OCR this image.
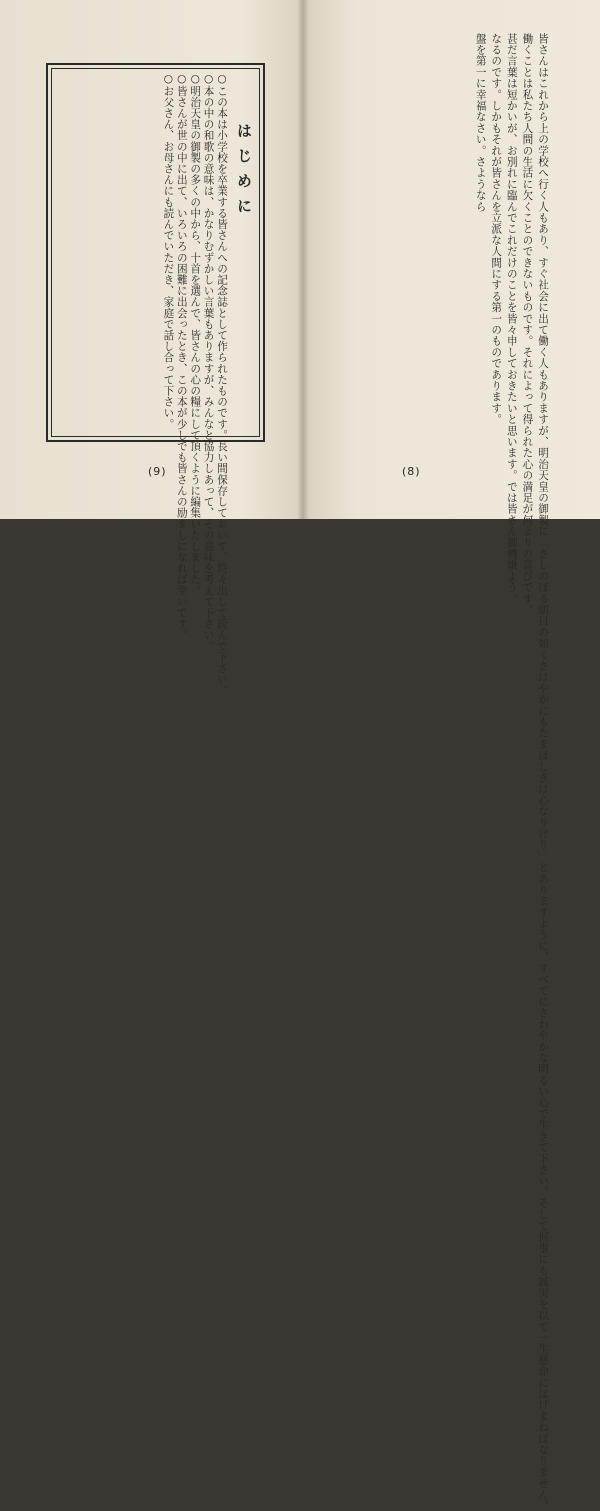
はじめに

○この本は小学校を卒業する皆さんへの記念誌として作られたものです。長い間保存しておいて、時々出して読んで下さい。

○本の中の和歌の意味は、かなりむずかしい言葉もありますが、みんなと協力しあって、その意味を考えて下さい。

○明治天皇の御製の多くの中から、十首を選んで、皆さんの心の糧にして頂くように編集いたしました。

○皆さんが世の中に出て、いろいろの困難に出会ったとき、この本が少しでも皆さんの励ましになれば幸いです。

○お父さん、お母さんにも読んでいただき、家庭で話し合って下さい。

(9)	皆さんはこれから上の学校へ行く人もあり、すぐ社会に出て働く人もありますが、明治天皇の御製に「さしのぼる朝日の如くさはやかにもたまほしきは心なりけり」とありますように、すべてにさわやかな明るい心で生きて下さい。そして何事にも誠実を以て一生懸命にはげまねばなりません。

働くことは私たち人間の生活に欠くことのできないものです。それによって得られた心の満足が何よりの喜びです。

甚だ言葉は短かいが、お別れに臨んでこれだけのことを皆々申しておきたいと思います。では皆さん御機嫌よう。

なるのです。しかもそれが皆さんを立派な人間にする第一のものであります。

盤を第一に幸福なさい。さようなら

(8)
